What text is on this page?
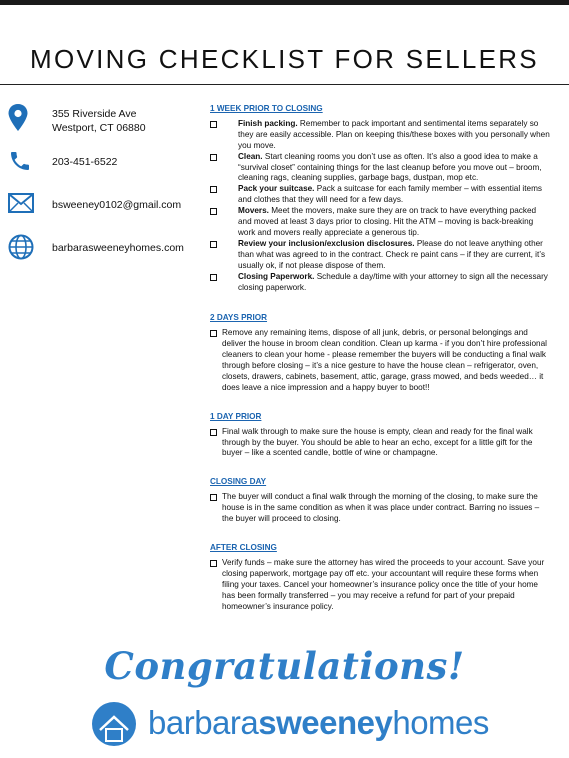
MOVING CHECKLIST FOR SELLERS
355 Riverside Ave
Westport, CT 06880
203-451-6522
bsweeney0102@gmail.com
barbarasweeneyhomes.com

1 WEEK PRIOR TO CLOSING

Finish packing. Remember to pack important and sentimental items separately so they are easily accessible. Plan on keeping this/these boxes with you personally when you move.

Clean. Start cleaning rooms you don’t use as often. It’s also a good idea to make a “survival closet” containing things for the last cleanup before you move out – broom, cleaning rags, cleaning supplies, garbage bags, dustpan, mop etc.

Pack your suitcase. Pack a suitcase for each family member – with essential items and clothes that they will need for a few days.

Movers. Meet the movers, make sure they are on track to have everything packed and moved at least 3 days prior to closing. Hit the ATM – moving is back-breaking work and movers really appreciate a generous tip.

Review your inclusion/exclusion disclosures. Please do not leave anything other than what was agreed to in the contract. Check re paint cans – if they are current, it’s usually ok, if not please dispose of them.

Closing Paperwork. Schedule a day/time with your attorney to sign all the necessary closing paperwork.

2 DAYS PRIOR

Remove any remaining items, dispose of all junk, debris, or personal belongings and deliver the house in broom clean condition. Clean up karma - if you don’t hire professional cleaners to clean your home - please remember the buyers will be conducting a final walk through before closing – it’s a nice gesture to have the house clean – refrigerator, oven, closets, drawers, cabinets, basement, attic, garage, grass mowed, and beds weeded… it does leave a nice impression and a happy buyer to boot!!

1 DAY PRIOR

Final walk through to make sure the house is empty, clean and ready for the final walk through by the buyer. You should be able to hear an echo, except for a little gift for the buyer – like a scented candle, bottle of wine or champagne.

CLOSING DAY

The buyer will conduct a final walk through the morning of the closing, to make sure the house is in the same condition as when it was place under contract. Barring no issues – the buyer will proceed to closing.

AFTER CLOSING

Verify funds – make sure the attorney has wired the proceeds to your account. Save your closing paperwork, mortgage pay off etc. your accountant will require these forms when filing your taxes. Cancel your homeowner’s insurance policy once the title of your home has been formally transferred – you may receive a refund for part of your prepaid homeowner’s insurance policy.

Congratulations!
barbarasweeneyhomes
